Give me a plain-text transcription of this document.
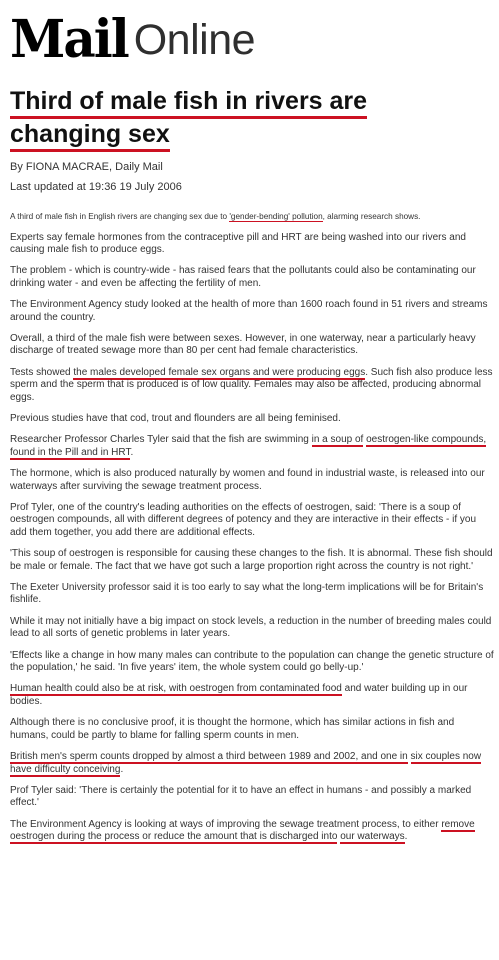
Mail Online
Third of male fish in rivers are
changing sex
By FIONA MACRAE, Daily Mail
Last updated at 19:36 19 July 2006
A third of male fish in English rivers are changing sex due to 'gender-bending' pollution, alarming research shows.
Experts say female hormones from the contraceptive pill and HRT are being washed into our rivers and causing male fish to produce eggs.
The problem - which is country-wide - has raised fears that the pollutants could also be contaminating our drinking water - and even be affecting the fertility of men.
The Environment Agency study looked at the health of more than 1600 roach found in 51 rivers and streams around the country.
Overall, a third of the male fish were between sexes. However, in one waterway, near a particularly heavy discharge of treated sewage more than 80 per cent had female characteristics.
Tests showed the males developed female sex organs and were producing eggs. Such fish also produce less sperm and the sperm that is produced is of low quality. Females may also be affected, producing abnormal eggs.
Previous studies have that cod, trout and flounders are all being feminised.
Researcher Professor Charles Tyler said that the fish are swimming in a soup of oestrogen-like compounds, found in the Pill and in HRT.
The hormone, which is also produced naturally by women and found in industrial waste, is released into our waterways after surviving the sewage treatment process.
Prof Tyler, one of the country's leading authorities on the effects of oestrogen, said: 'There is a soup of oestrogen compounds, all with different degrees of potency and they are interactive in their effects - if you add them together, you add there are additional effects.
'This soup of oestrogen is responsible for causing these changes to the fish. It is abnormal. These fish should be male or female. The fact that we have got such a large proportion right across the country is not right.'
The Exeter University professor said it is too early to say what the long-term implications will be for Britain's fishlife.
While it may not initially have a big impact on stock levels, a reduction in the number of breeding males could lead to all sorts of genetic problems in later years.
'Effects like a change in how many males can contribute to the population can change the genetic structure of the population,' he said. 'In five years' item, the whole system could go belly-up.'
Human health could also be at risk, with oestrogen from contaminated food and water building up in our bodies.
Although there is no conclusive proof, it is thought the hormone, which has similar actions in fish and humans, could be partly to blame for falling sperm counts in men.
British men's sperm counts dropped by almost a third between 1989 and 2002, and one in six couples now have difficulty conceiving.
Prof Tyler said: 'There is certainly the potential for it to have an effect in humans - and possibly a marked effect.'
The Environment Agency is looking at ways of improving the sewage treatment process, to either remove oestrogen during the process or reduce the amount that is discharged into our waterways.
